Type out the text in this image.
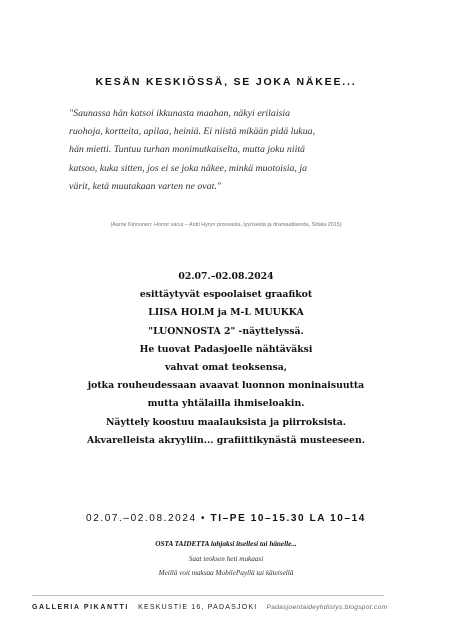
KESÄN KESKIÖSSÄ, SE JOKA NÄKEE...
"Saunassa hän katsoi ikkunasta maahan, näkyi erilaisia
ruohoja, kortteita, apilaa, heiniä. Ei niistä mikään pidä lukua,
hän mietti. Tuntuu turhan monimutkaiselta, mutta joku niitä
katsoo, kuka sitten, jos ei se joka näkee, minkä muotoisia, ja
värit, ketä muutakaan varten ne ovat."
(Aarne Kinnunen: Horror vacui – Antti Hyryn proosasta, lyyrisestä ja dramaattisesta, Siltala 2015)
02.07.–02.08.2024
esittäytyvät espoolaiset graafikot
LIISA HOLM ja M-L MUUKKA
"LUONNOSTA 2" -näyttelyssä.
He tuovat Padasjoelle nähtäväksi
vahvat omat teoksensa,
jotka rouheudessaan avaavat luonnon moninaisuutta
mutta yhtälailla ihmiseloakin.
Näyttely koostuu maalauksista ja piirroksista.
Akvarelleista akryyliin... grafiittikynästä musteeseen.
02.07.–02.08.2024 • TI–PE 10–15.30 LA 10–14
OSTA TAIDETTA lahjaksi itsellesi tai hänelle...
Saat teoksen heti mukaasi
Meillä voit maksaa MobilePayllä tai käteisellä
GALLERIA PIKANTTI KESKUSTIE 16, PADASJOKI Padasjoentaideyhdistys.blogspot.com
